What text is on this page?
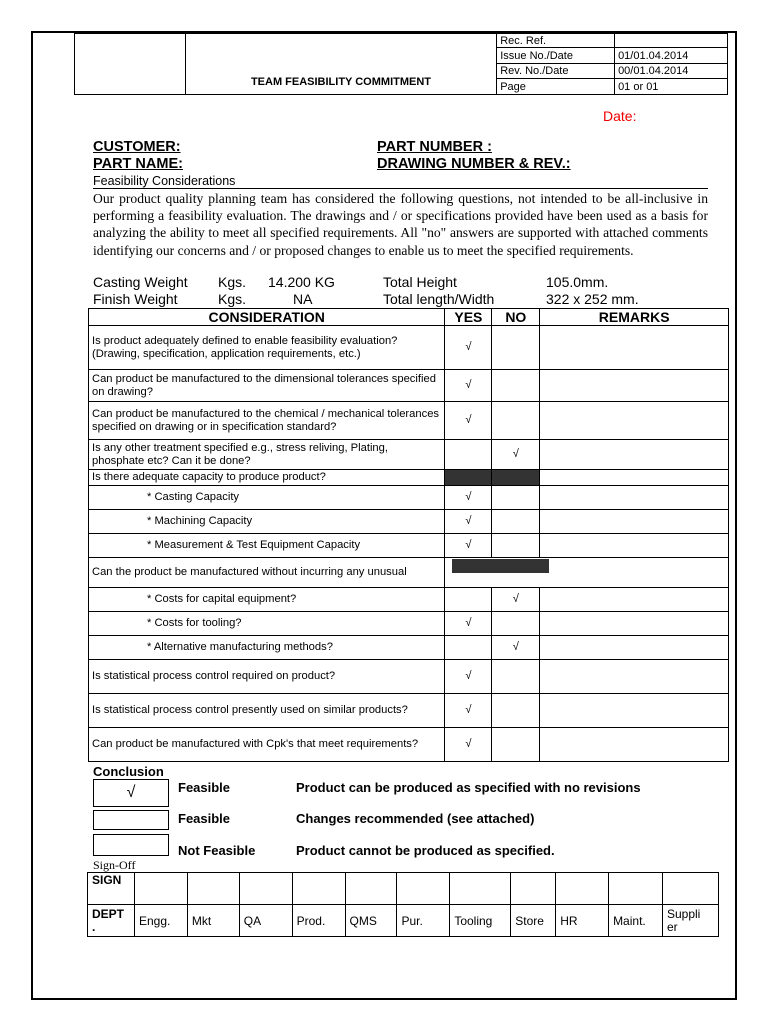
	TEAM FEASIBILITY COMMITMENT	Rec. Ref.	
		Issue No./Date	01/01.04.2014
		Rev. No./Date	00/01.04.2014
		Page	01 or 01
Date:
CUSTOMER:	PART NUMBER :
PART NAME:	DRAWING NUMBER & REV.:
Feasibility Considerations
Our product quality planning team has considered the following questions, not intended to be all-inclusive in performing a feasibility evaluation. The drawings and / or specifications provided have been used as a basis for analyzing the ability to meet all specified requirements. All "no" answers are supported with attached comments identifying our concerns and / or proposed changes to enable us to meet the specified requirements.
Casting Weight Kgs. 14.200 KG	Total Height	105.0mm.
Finish Weight	Kgs.	NA	Total length/Width	322 x 252 mm.
CONSIDERATION	YES	NO	REMARKS
Is product adequately defined to enable feasibility evaluation? (Drawing, specification, application requirements, etc.)	√		
Can product be manufactured to the dimensional tolerances specified on drawing?	√		
Can product be manufactured to the chemical / mechanical tolerances specified on drawing or in specification standard?	√		
Is any other treatment specified e.g., stress reliving, Plating, phosphate etc? Can it be done?		√	
Is there adequate capacity to produce product?			
* Casting Capacity	√		
* Machining Capacity	√		
* Measurement & Test Equipment Capacity	√		
Can the product be manufactured without incurring any unusual			

* Costs for capital equipment?		√	
* Costs for tooling?	√		
* Alternative manufacturing methods?		√	
Is statistical process control required on product?	√		
Is statistical process control presently used on similar products?	√		
Can product be manufactured with Cpk's that meet requirements?	√		
Conclusion
√	Feasible	Product can be produced as specified with no revisions
Feasible	Changes recommended (see attached)
Not Feasible	Product cannot be produced as specified.
Sign-Off
SIGN											
DEPT
.	Engg.	Mkt	QA	Prod.	QMS	Pur.	Tooling	Store	HR	Maint.	Suppli
er
